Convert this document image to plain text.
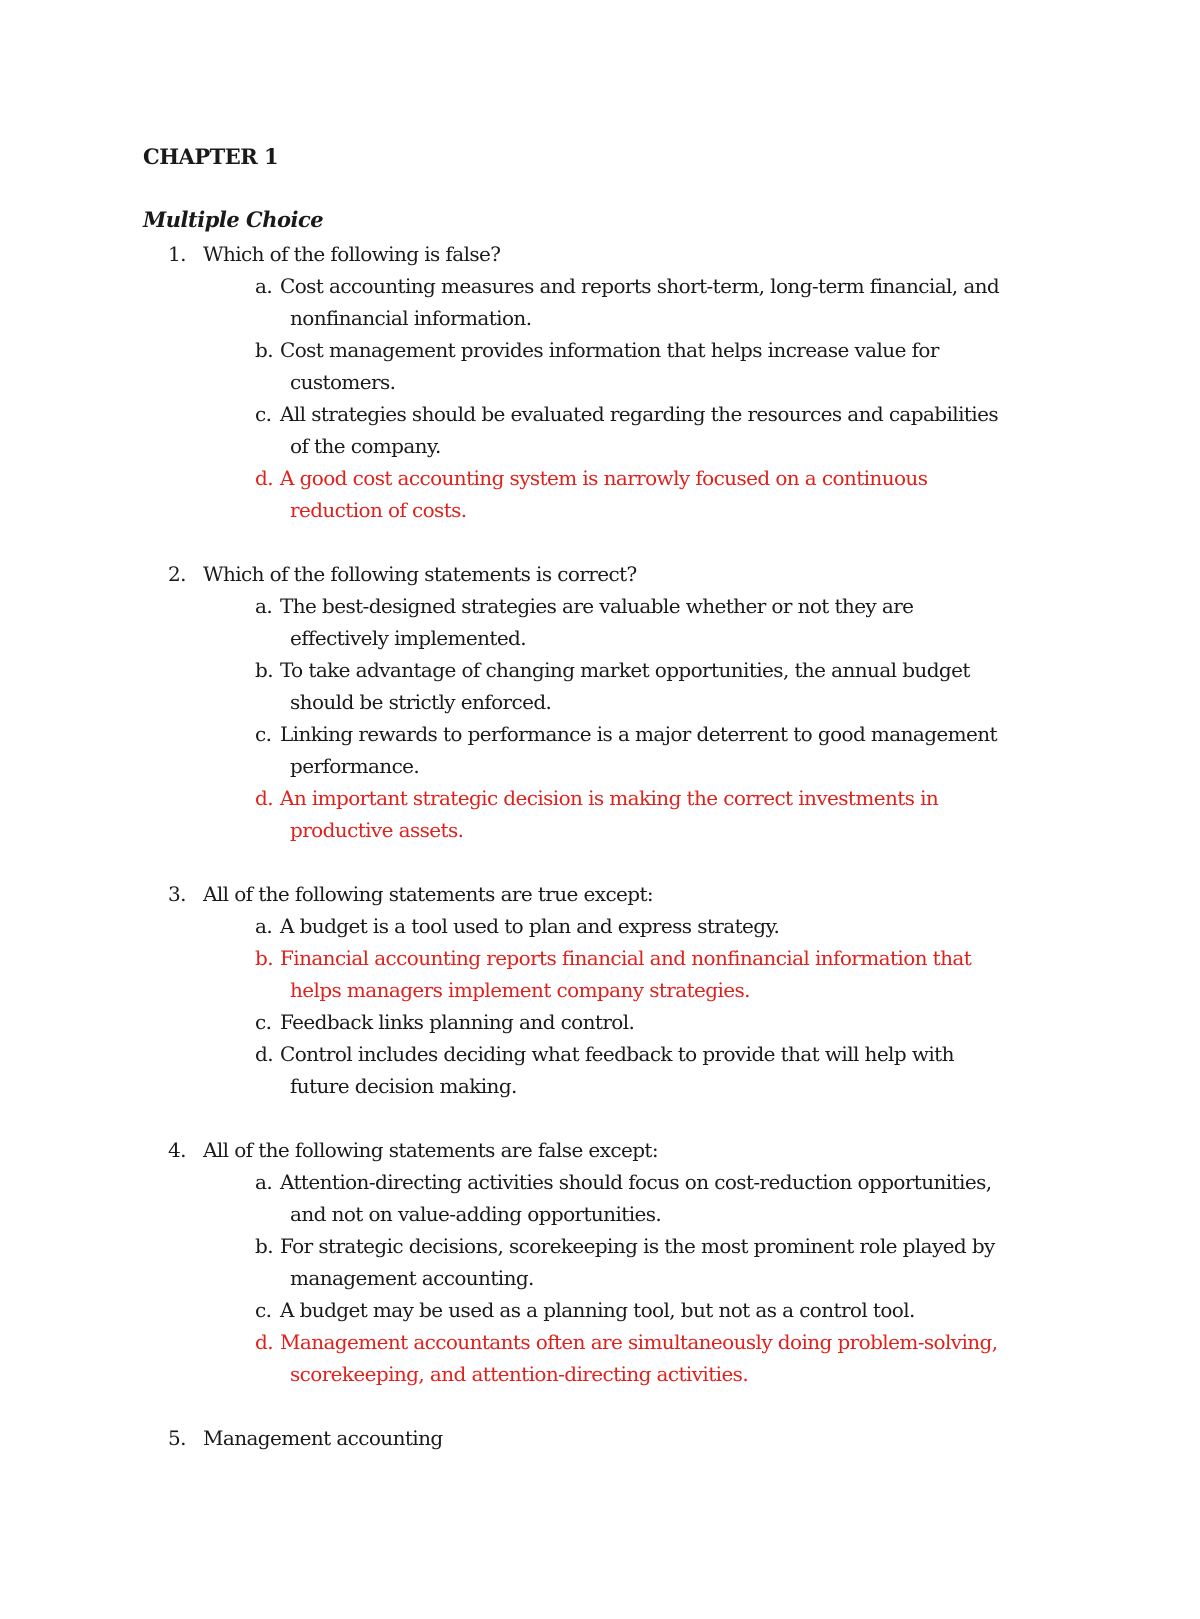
CHAPTER 1
Multiple Choice
1. Which of the following is false?
a. Cost accounting measures and reports short-term, long-term financial, and
nonfinancial information.
b. Cost management provides information that helps increase value for
customers.
c. All strategies should be evaluated regarding the resources and capabilities
of the company.
d. A good cost accounting system is narrowly focused on a continuous
reduction of costs.
2. Which of the following statements is correct?
a. The best-designed strategies are valuable whether or not they are
effectively implemented.
b. To take advantage of changing market opportunities, the annual budget
should be strictly enforced.
c. Linking rewards to performance is a major deterrent to good management
performance.
d. An important strategic decision is making the correct investments in
productive assets.
3. All of the following statements are true except:
a. A budget is a tool used to plan and express strategy.
b. Financial accounting reports financial and nonfinancial information that
helps managers implement company strategies.
c. Feedback links planning and control.
d. Control includes deciding what feedback to provide that will help with
future decision making.
4. All of the following statements are false except:
a. Attention-directing activities should focus on cost-reduction opportunities,
and not on value-adding opportunities.
b. For strategic decisions, scorekeeping is the most prominent role played by
management accounting.
c. A budget may be used as a planning tool, but not as a control tool.
d. Management accountants often are simultaneously doing problem-solving,
scorekeeping, and attention-directing activities.
5. Management accounting
